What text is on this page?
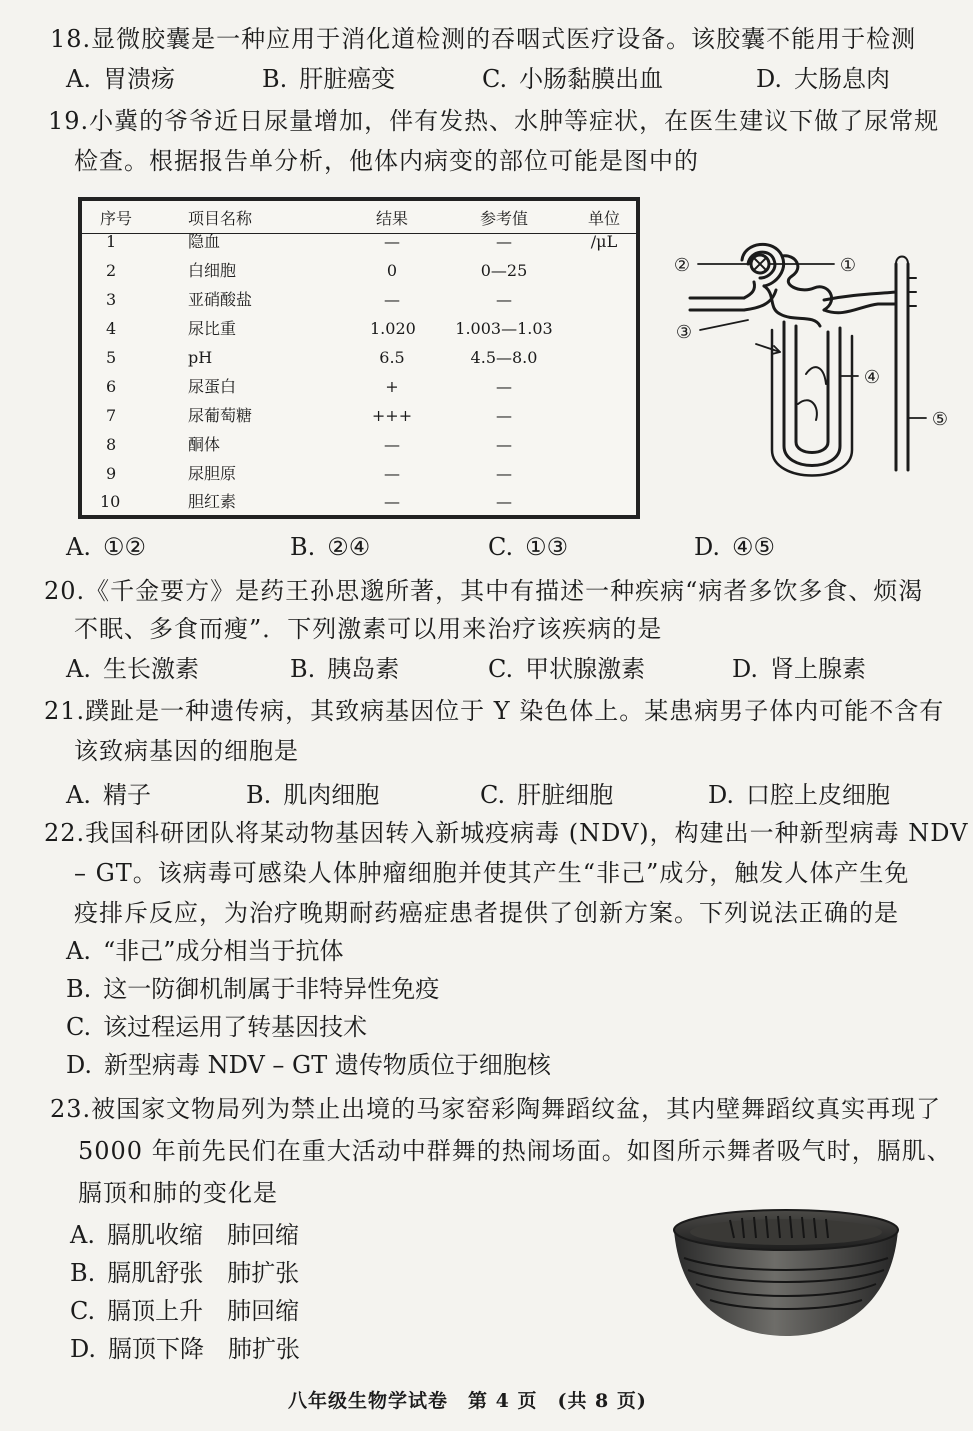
18.显微胶囊是一种应用于消化道检测的吞咽式医疗设备。该胶囊不能用于检测
A. 胃溃疡	B. 肝脏癌变	C. 小肠黏膜出血	D. 大肠息肉
19.小冀的爷爷近日尿量增加，伴有发热、水肿等症状，在医生建议下做了尿常规
检查。根据报告单分析，他体内病变的部位可能是图中的
序号	项目名称	结果	参考值	单位
1	隐血	—	—	/μL
2	白细胞	0	0—25
3	亚硝酸盐	—	—
4	尿比重	1.020	1.003—1.03
5	pH	6.5	4.5—8.0
6	尿蛋白	+	—
7	尿葡萄糖	+++	—
8	酮体	—	—
9	尿胆原	—	—
10	胆红素	—	—
①
②
③
④
⑤
A. ①②	B. ②④	C. ①③	D. ④⑤
20.《千金要方》是药王孙思邈所著，其中有描述一种疾病“病者多饮多食、烦渴
不眠、多食而瘦”．下列激素可以用来治疗该疾病的是
A. 生长激素	B. 胰岛素	C. 甲状腺激素	D. 肾上腺素
21.蹼趾是一种遗传病，其致病基因位于 Y 染色体上。某患病男子体内可能不含有
该致病基因的细胞是
A. 精子	B. 肌肉细胞	C. 肝脏细胞	D. 口腔上皮细胞
22.我国科研团队将某动物基因转入新城疫病毒 (NDV)，构建出一种新型病毒 NDV
– GT。该病毒可感染人体肿瘤细胞并使其产生“非己”成分，触发人体产生免
疫排斥反应，为治疗晚期耐药癌症患者提供了创新方案。下列说法正确的是
A. “非己”成分相当于抗体
B. 这一防御机制属于非特异性免疫
C. 该过程运用了转基因技术
D. 新型病毒 NDV – GT 遗传物质位于细胞核
23.被国家文物局列为禁止出境的马家窑彩陶舞蹈纹盆，其内壁舞蹈纹真实再现了
5000 年前先民们在重大活动中群舞的热闹场面。如图所示舞者吸气时，膈肌、
膈顶和肺的变化是
A. 膈肌收缩　肺回缩
B. 膈肌舒张　肺扩张
C. 膈顶上升　肺回缩
D. 膈顶下降　肺扩张
八年级生物学试卷　第 4 页　(共 8 页)
